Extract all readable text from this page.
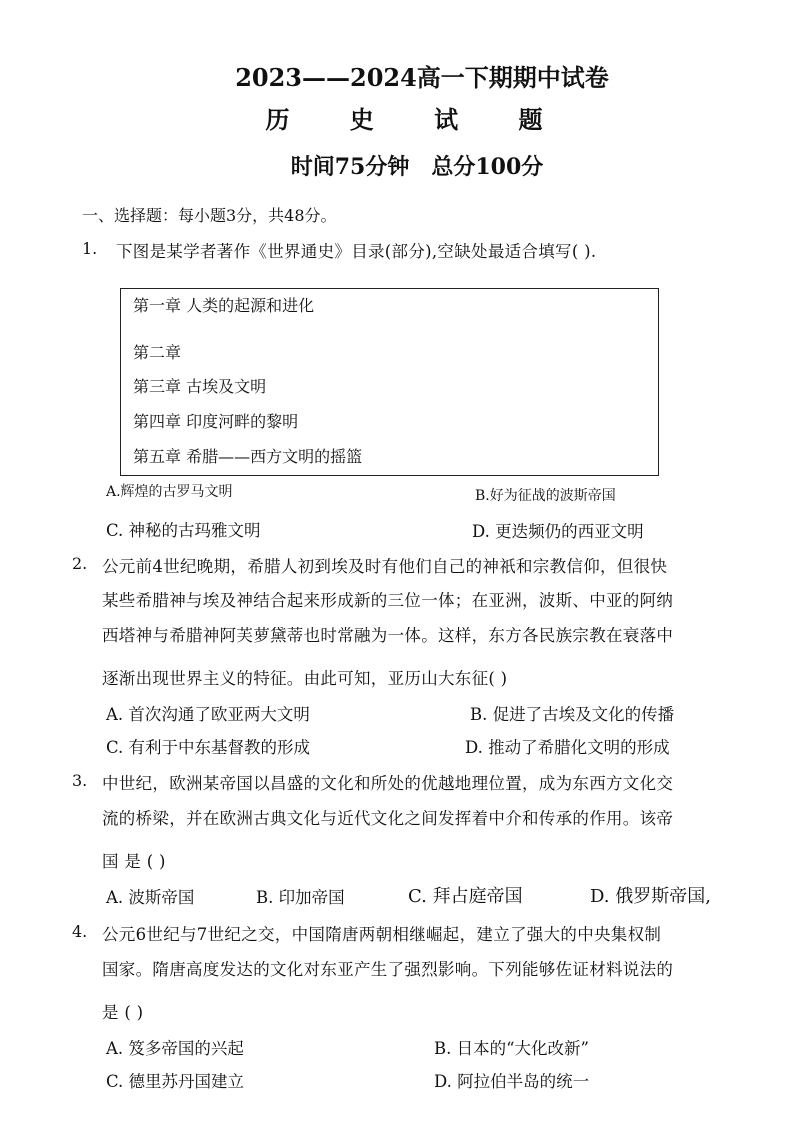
2023——2024高一下期期中试卷
历 史 试 题
时间75分钟　总分100分
一、选择题：每小题3分，共48分。
1. 下图是某学者著作《世界通史》目录(部分),空缺处最适合填写( ).
第一章 人类的起源和进化
第二章
第三章 古埃及文明
第四章 印度河畔的黎明
第五章 希腊——西方文明的摇篮
A.辉煌的古罗马文明	B.好为征战的波斯帝国
C. 神秘的古玛雅文明	D. 更迭频仍的西亚文明
2. 公元前4世纪晚期，希腊人初到埃及时有他们自己的神祇和宗教信仰，但很快
某些希腊神与埃及神结合起来形成新的三位一体；在亚洲，波斯、中亚的阿纳
西塔神与希腊神阿芙萝黛蒂也时常融为一体。这样，东方各民族宗教在衰落中
逐渐出现世界主义的特征。由此可知，亚历山大东征( )
A. 首次沟通了欧亚两大文明	B. 促进了古埃及文化的传播
C. 有利于中东基督教的形成	D. 推动了希腊化文明的形成
3. 中世纪，欧洲某帝国以昌盛的文化和所处的优越地理位置，成为东西方文化交
流的桥梁，并在欧洲古典文化与近代文化之间发挥着中介和传承的作用。该帝
国 是 ( )
A. 波斯帝国	B. 印加帝国	C. 拜占庭帝国	D. 俄罗斯帝国,
4. 公元6世纪与7世纪之交，中国隋唐两朝相继崛起，建立了强大的中央集权制
国家。隋唐高度发达的文化对东亚产生了强烈影响。下列能够佐证材料说法的
是 ( )
A. 笈多帝国的兴起	B. 日本的“大化改新”
C. 德里苏丹国建立	D. 阿拉伯半岛的统一
